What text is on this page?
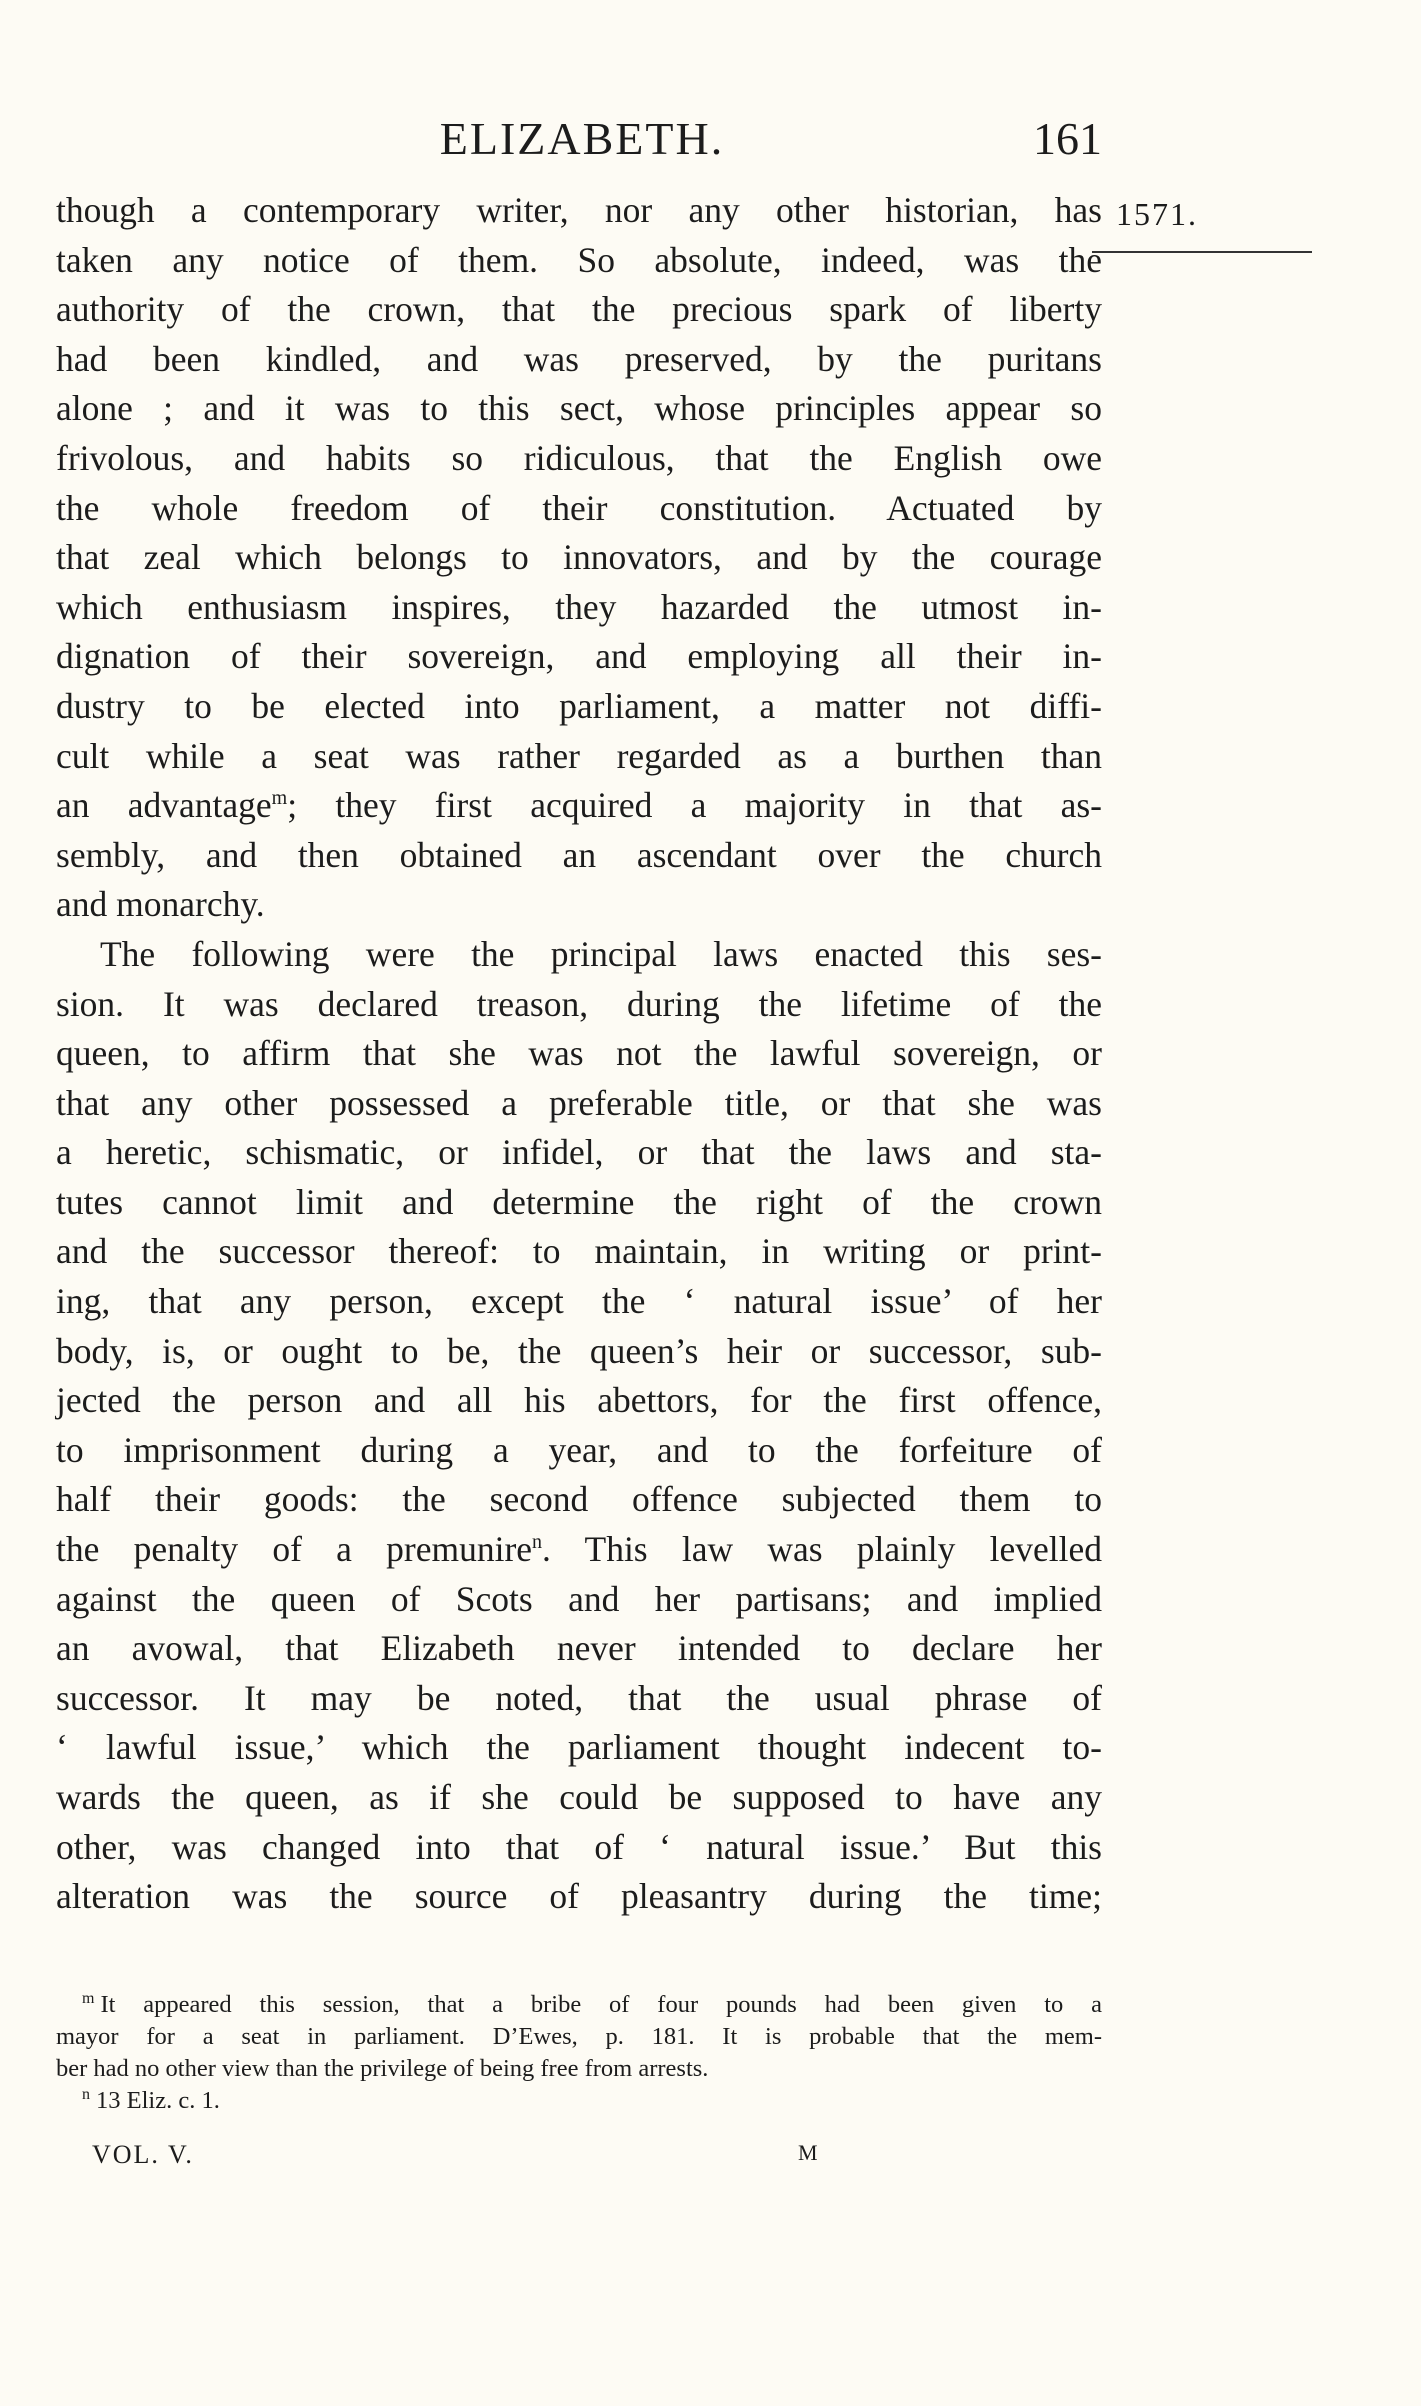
ELIZABETH.	161
1571.
though a contemporary writer, nor any other historian, has
taken any notice of them. So absolute, indeed, was the
authority of the crown, that the precious spark of liberty
had been kindled, and was preserved, by the puritans
alone ; and it was to this sect, whose principles appear so
frivolous, and habits so ridiculous, that the English owe
the whole freedom of their constitution. Actuated by
that zeal which belongs to innovators, and by the courage
which enthusiasm inspires, they hazarded the utmost in-
dignation of their sovereign, and employing all their in-
dustry to be elected into parliament, a matter not diffi-
cult while a seat was rather regarded as a burthen than
an advantage$^m$; they first acquired a majority in that as-
sembly, and then obtained an ascendant over the church
and monarchy.
The following were the principal laws enacted this ses-
sion. It was declared treason, during the lifetime of the
queen, to affirm that she was not the lawful sovereign, or
that any other possessed a preferable title, or that she was
a heretic, schismatic, or infidel, or that the laws and sta-
tutes cannot limit and determine the right of the crown
and the successor thereof: to maintain, in writing or print-
ing, that any person, except the ‘ natural issue’ of her
body, is, or ought to be, the queen’s heir or successor, sub-
jected the person and all his abettors, for the first offence,
to imprisonment during a year, and to the forfeiture of
half their goods: the second offence subjected them to
the penalty of a premunire$^n$. This law was plainly levelled
against the queen of Scots and her partisans; and implied
an avowal, that Elizabeth never intended to declare her
successor. It may be noted, that the usual phrase of
‘ lawful issue,’ which the parliament thought indecent to-
wards the queen, as if she could be supposed to have any
other, was changed into that of ‘ natural issue.’ But this
alteration was the source of pleasantry during the time;
$^m$ It appeared this session, that a bribe of four pounds had been given to a
mayor for a seat in parliament. D’Ewes, p. 181. It is probable that the mem-
ber had no other view than the privilege of being free from arrests.
$^n$ 13 Eliz. c. 1.
VOL. V.	M
